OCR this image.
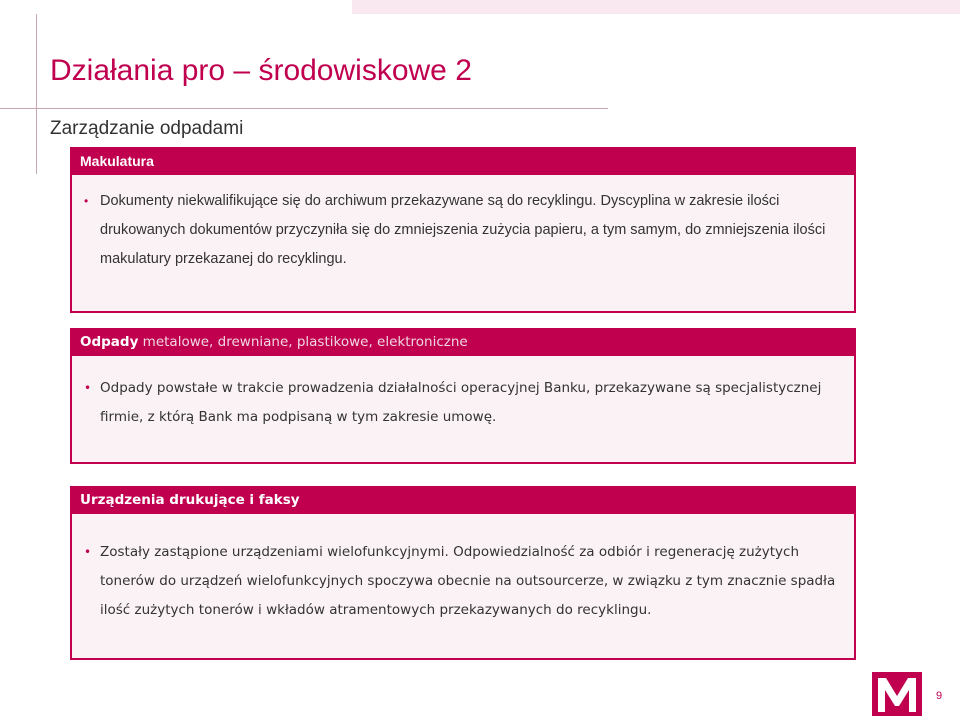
Działania pro – środowiskowe 2
Zarządzanie odpadami
Makulatura

• Dokumenty niekwalifikujące się do archiwum przekazywane są do recyklingu. Dyscyplina w zakresie ilości drukowanych dokumentów przyczyniła się do zmniejszenia zużycia papieru, a tym samym, do zmniejszenia ilości makulatury przekazanej do recyklingu.

Odpady metalowe, drewniane, plastikowe, elektroniczne

• Odpady powstałe w trakcie prowadzenia działalności operacyjnej Banku, przekazywane są specjalistycznej firmie, z którą Bank ma podpisaną w tym zakresie umowę.

Urządzenia drukujące i faksy

• Zostały zastąpione urządzeniami wielofunkcyjnymi. Odpowiedzialność za odbiór i regenerację zużytych tonerów do urządzeń wielofunkcyjnych spoczywa obecnie na outsourcerze, w związku z tym znacznie spadła ilość zużytych tonerów i wkładów atramentowych przekazywanych do recyklingu.

9
